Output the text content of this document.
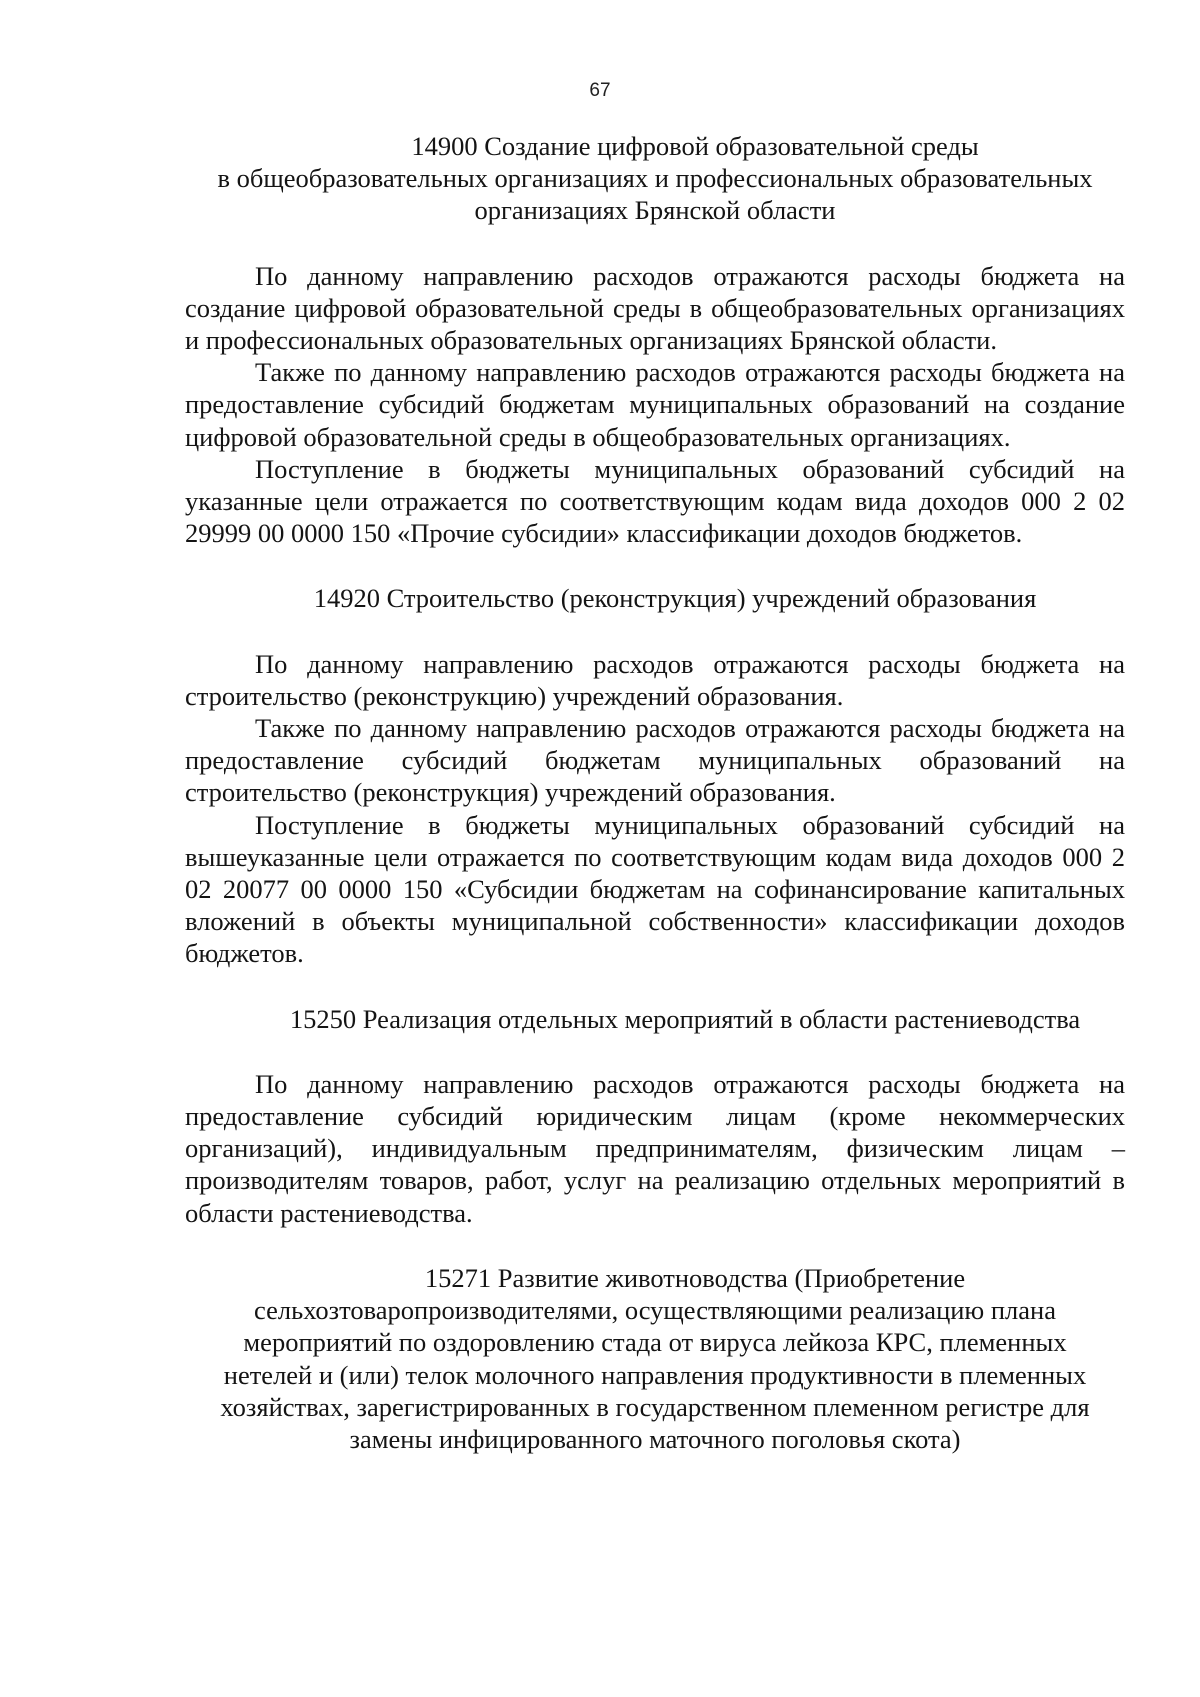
67
14900 Создание цифровой образовательной среды
в общеобразовательных организациях и профессиональных образовательных
организациях Брянской области

По данному направлению расходов отражаются расходы бюджета на создание цифровой образовательной среды в общеобразовательных организациях и профессиональных образовательных организациях Брянской области.

Также по данному направлению расходов отражаются расходы бюджета на предоставление субсидий бюджетам муниципальных образований на создание цифровой образовательной среды в общеобразовательных организациях.

Поступление в бюджеты муниципальных образований субсидий на указанные цели отражается по соответствующим кодам вида доходов 000 2 02 29999 00 0000 150 «Прочие субсидии» классификации доходов бюджетов.

14920 Строительство (реконструкция) учреждений образования

По данному направлению расходов отражаются расходы бюджета на строительство (реконструкцию) учреждений образования.

Также по данному направлению расходов отражаются расходы бюджета на предоставление субсидий бюджетам муниципальных образований на строительство (реконструкция) учреждений образования.

Поступление в бюджеты муниципальных образований субсидий на вышеуказанные цели отражается по соответствующим кодам вида доходов 000 2 02 20077 00 0000 150 «Субсидии бюджетам на софинансирование капитальных вложений в объекты муниципальной собственности» классификации доходов бюджетов.

15250 Реализация отдельных мероприятий в области растениеводства

По данному направлению расходов отражаются расходы бюджета на предоставление субсидий юридическим лицам (кроме некоммерческих организаций), индивидуальным предпринимателям, физическим лицам – производителям товаров, работ, услуг на реализацию отдельных мероприятий в области растениеводства.

15271 Развитие животноводства (Приобретение
сельхозтоваропроизводителями, осуществляющими реализацию плана
мероприятий по оздоровлению стада от вируса лейкоза КРС, племенных
нетелей и (или) телок молочного направления продуктивности в племенных
хозяйствах, зарегистрированных в государственном племенном регистре для
замены инфицированного маточного поголовья скота)
